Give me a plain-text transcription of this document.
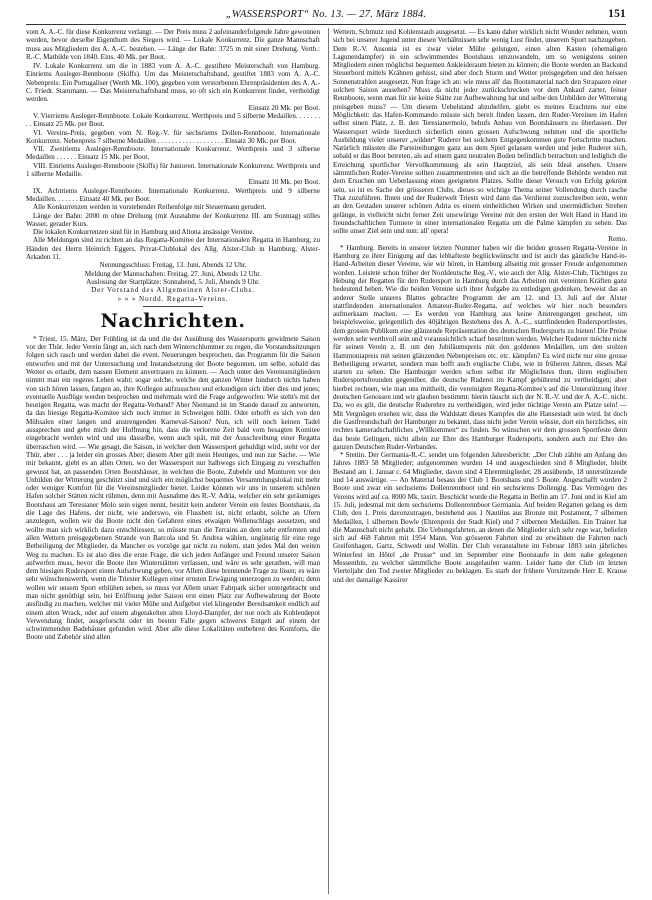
„WASSERSPORT“ No. 13. — 27. März 1884.	151

vom A. A.-C. für diese Konkurrenz verlangt. — Der Preis muss 2 aufeinanderfolgende Jahre gewonnen werden, bevor derselbe Eigenthum des Siegers wird. — Lokale Konkurrenz. Die ganze Mannschaft muss aus Mitgliedern des A. A.-C. bestehen. — Länge der Bahn: 3725 m mit einer Drehung. Verth.: R.-C. Mathilde von 1840. Eins. 40 Mk. per Boot.

IV. Lokale Konkurrenz um die in 1883 vom A. A.-C. gestiftete Meisterschaft von Hamburg. Einriems Ausleger-Rennboote (Skiffs). Um das Meisterschaftsband, gestiftet 1883 vom A. A.-C. Nebenpreis: Ein Portugaliser (Werth Mk. 100), gegeben vom verstorbenen Ehrenpräsidenten des A. A.-C. Friedr. Stammann. — Das Meisterschaftsband muss, so oft sich ein Konkurrent findet, vertheidigt werden.

Einsatz 20 Mk. per Boot.

V. Vierriems Ausleger-Rennboote. Lokale Konkurrenz. Werthpreis und 5 silberne Medaillen. . . . . . . . . Einsatz 25 Mk. per Boot.

VI. Vereins-Preis, gegeben vom N. Reg.-V. für sechsriems Dollen-Rennboote. Internationale Konkurrenz. Nebenpreis 7 silberne Medaillen . . . . . . . . . . . . . . . . . . . Einsatz 30 Mk. per Boot.

VII. Zweiriems Ausleger-Rennboote. Internationale Konkurrenz. Werthpreis und 3 silberne Medaillen . . . . . . Einsatz 15 Mk. per Boot.

VIII. Einriems Ausleger-Rennboote (Skiffs) für Junioren. Internationale Konkurrenz. Werthpreis und 1 silberne Medaille.

Einsatz 10 Mk. per Boot.

IX. Achtriems Ausleger-Rennboote. Internationale Konkurrenz. Werthpreis und 9 silberne Medaillen. . . . . . . Einsatz 40 Mk. per Boot.

Alle Konkurrenzen werden in vorstehender Reihenfolge mit Steuermann gerudert.

Länge der Bahn: 2000 m ohne Drehung (mit Ausnahme der Konkurrenz III. am Sonntag) stilles Wasser, gerader Kurs.

Die lokalen Konkurrenzen sind für in Hamburg und Altona ansässige Vereine.

Alle Meldungen sind zu richten an das Regatta-Komitee der Internationalen Regatta in Hamburg, zu Händen des Herrn Heinrich Eggers, Privat-Clublokal des Allg. Alster-Club in Hamburg, Alster-Arkaden 11.

Nennungsschluss: Freitag, 13. Juni, Abends 12 Uhr.

Meldung der Mannschaften: Freitag, 27. Juni, Abends 12 Uhr.

Auslosung der Startplätze: Sonnabend, 5. Juli, Abends 9 Uhr.

Der Vorstand des Allgemeinen Alster-Clubs.

» » » Nordd. Regatta-Vereins.

Nachrichten.

* Triest, 15. März. Der Frühling ist da und die der Ausübung des Wassersports gewidmete Saison vor der Thür. Jeder Verein fängt an, sich nach dem Winterschlummer zu regen, die Vorstandssitzungen folgen sich rasch und werden dabei die event. Neuerungen besprochen, das Programm für die Saison entworfen und mit der Untersuchung und Instandsetzung der Boote begonnen, um selbe, sobald das Wetter es erlaubt, dem nassen Element anvertrauen zu können. — Auch unter den Vereinsmitgliedern nimmt man ein regeres Leben wahr; sogar solche, welche den ganzen Winter hindurch nichts haben von sich hören lassen, fangen an, ihre Kollegen aufzusuchen und erkundigen sich über dies und jenes; eventuelle Ausflüge werden besprochen und mehrmals wird die Frage aufgeworfen: Wie steht's mit der heurigen Regatta, was macht der Regatta-Verband? Aber Niemand ist im Stande darauf zu antworten, da das hiesige Regatta-Komitee sich noch immer in Schweigen hüllt. Oder erhofft es sich von den Mühsalen einer langen und anstrengenden Karneval-Saison? Nun, ich will noch keinen Tadel aussprechen und gebe mich der Hoffnung hin, dass die verlorene Zeit bald vom besagten Komitee eingebracht werden wird und uns dasselbe, wenn auch spät, mit der Ausschreibung einer Regatta überraschen wird. — Wie gesagt, die Saison, in welcher dem Wassersport gehuldigt wird, steht vor der Thür, aber . . . ja leider ein grosses Aber; diesem Aber gilt mein Heutiges, und nun zur Sache. — Wie mir bekannt, giebt es an allen Orten, wo der Wassersport nur halbwegs sich Eingang zu verschaffen gewusst hat, an passenden Orten Bootshäuser, in welchen die Boote, Zubehör und Monturen vor den Unbilden der Witterung geschützt sind und sich ein möglichst bequemes Versammlungslokal mit mehr oder weniger Komfort für die Vereinsmitglieder bietet. Leider können wir uns in unserem schönen Hafen solcher Stätten nicht rühmen, denn mit Ausnahme des R.-V. Adria, welcher ein sehr geräumiges Bootshaus am Teresianer Molo sein eigen nennt, besitzt kein anderer Verein ein festes Bootshaus, da die Lage des Hafens, der nicht, wie anderswo, ein Flussbett ist, nicht erlaubt, solche an Ufern anzulegen, wollen wir die Boote nicht den Gefahren eines etwaigen Wellenschlags aussetzen, und wollte man sich wirklich dazu entschliessen, so müsste man die Terrains an dem sehr entfernten und allen Wettern preisgegebenen Strande von Barcola und St. Andrea wählen, ungünstig für eine rege Betheiligung der Mitglieder, da Mancher es vorzöge gar nicht zu rudern, statt jedes Mal den weiten Weg zu machen. Es ist also dies die erste Frage, die sich jeden Anfänger und Freund unserer Saison aufwerfen muss, bevor die Boote ihre Winterstätten verlassen, und wäre es sehr gerathen, will man dem hiesigen Rudersport einen Aufschwung geben, vor Allem diese brennende Frage zu lösen; es wäre sehr wünschenswerth, wenn die Triester Kollegen einer ernsten Erwägung unterzogen zu werden; denn wollen wir unsern Sport erblühen sehen, so muss vor Allem unser Fahrpark sicher untergebracht und man nicht genöthigt sein, bei Eröffnung jeder Saison erst einen Platz zur Aufbewahrung der Boote ausfindig zu machen, welcher mit vieler Mühe und Aufgebot viel klingender Beredsamkeit endlich auf einem alten Wrack, oder auf einem abgetakelten alten Lloyd-Dampfer, der nur noch als Kohlendepot Verwendung findet, ausgeforscht oder im besten Falle gegen schweres Entgelt auf einem der schwimmenden Badehäuser gefunden wird. Aber alle diese Lokalitäten entbehren des Komforts, die Boote und Zubehör sind allen

Wettern, Schmutz und Kohlenstaub ausgesetzt. — Es kann daher wirklich nicht Wunder nehmen, wenn sich bei unserer Jugend unter diesen Verhältnissen sehr wenig Lust findet, unserem Sport nachzugeben. Dem R.-V. Ausonia ist es zwar vieler Mühe gelungen, einen alten Kasten (ehemaligen Lagunendampfer) in ein schwimmendes Bootshaus umzuwandeln, um so wenigstens seinen Mitgliedern einen möglichst bequemen Ankleideraum bieten zu können; die Boote werden an Backund Steuerbord mittels Krähnen gehisst, sind aber doch Sturm und Wetter preisgegeben und den heissen Sonnenstrahlen ausgesetzt. Nun frage ich an: wie muss all' das Bootsmaterial nach den Strapazen einer solchen Saison aussehen? Muss da nicht jeder zurückschrecken vor dem Ankauf zarter, feiner Rennboote, wenn man für sie keine Stätte zur Aufbewahrung hat und selbe den Unbilden der Witterung preisgeben muss? — Um diesem Uebelstand abzuhelfen, giebt es meines Erachtens nur eine Möglichkeit: das Hafen-Kommando müsste sich bereit finden lassen, den Ruder-Vereinen im Hafen selbst einen Platz, z. B. den Teresianermolo, behufs Anbau von Bootshäusern zu überlassen. Der Wassersport würde hierdurch sicherlich einen grossen Aufschwung nehmen und die sportliche Ausbildung vieler unserer „wilden“ Ruderer bei solchem Entgegenkommen gute Fortschritte machen. Natürlich müssten die Parteireibungen ganz aus dem Spiel gelassen werden und jeder Ruderer sich, sobald er das Boot betreten, als auf einem ganz neutralen Boden befindlich betrachten und lediglich die Erreichung sportlicher Vervollkommnung als sein Hauptziel, als sein Ideal ansehen. Unsere sämmtlichen Ruder-Vereine sollten zusammentreten und sich an die betreffende Behörde wenden mit dem Ersuchen um Ueberlassung eines geeigneten Platzes. Sollte dieser Versuch von Erfolg gekrönt sein, so ist es Sache der grösseren Clubs, dieses so wichtige Thema seiner Vollendung durch rasche That zuzuführen. Ihnen und der Ruderwelt Triests wird dann das Verdienst zuzuschreiben sein, wenn an den Gestaden unserer schönen Adria es einem einheitlichen Wirken und unermüdlichen Streben gelänge, in vielleicht nicht ferner Zeit unsrwürige Vereine mit den ersten der Welt Hand in Hand im freundschaftlichen Turniere in einer internationalen Regatta um die Palme kämpfen zu sehen. Das sollte unser Ziel sein und nun: all' opera!

Remo.

* Hamburg. Bereits in unserer letzten Nummer haben wir die beiden grossen Regatta-Vereine in Hamburg zu ihrer Einigung auf das lebhafteste beglückwünscht und ist auch das gänzliche Hand-in-Hand-Arbeiten dieser Vereine, wie wir hören, in Hamburg allseitig mit grosser Freude aufgenommen worden. Leistete schon früher der Norddeutsche Reg.-V., wie auch der Allg. Alster-Club, Tüchtiges zu Hebung der Regatten für den Rudersport in Hamburg durch das Arbeiten mit vereinten Kräften ganz bedeutend heben. Wie die beiden Vereine sich ihrer Aufgabe zu entledigen gedenken, beweist das an anderer Stelle unseres Blattes gebrachte Programm der am 12. und 13. Juli auf der Alster stattfindenden internationalen Amateur-Ruder-Regatta, auf welches wir hier noch besonders aufmerksam machen. — Es werden von Hamburg aus keine Anstrengungen gescheut, um beispielsweise, gelegentlich des 40jährigen Bestehens des A. A.-C., stattfindenden Rudersportfestes, dem grossen Publikum eine glänzende Repräsentation des deutschen Rudersports zu bieten! Die Preise werden sehr werthvoll sein und voraussichtlich scharf bestritten werden. Welcher Ruderer möchte nicht für seinen Verein z. B. um den Jubiläumspreis mit den goldenen Medaillen, um den stolzen Hammoniapreis mit seinen glänzenden Nebenpreisen etc. etc. kämpfen? Es wird nicht nur eine grosse Betheiligung erwartet, sondern man hofft auch englische Clubs, wie in früheren Jahren, dieses Mal starten zu sehen. Die Hamburger werden schon selbst ihr Möglichstes thun, ihren englischen Rudersportsfreunden gegenüber, die deutsche Ruderei im Kampf gebührend zu vertheidigen; aber hierbei rechnen, wie man uns mittheilt, die vereinigten Regatta-Komitee's auf die Unterstützung ihrer deutschen Genossen und wir glauben bestimmt: hierin täuscht sich der N. R.-V. und der A. A.-C. nicht. Da, wo es gilt, die deutsche Ruderehre zu vertheidigen, wird jeder tüchtige Verein am Platze sein! — Mit Vergnügen ersehen wir, dass die Wahlstatt dieses Kampfes die alte Hansestadt sein wird. Ist doch die Gastfreundschaft der Hamburger zu bekannt, dass nicht jeder Verein wüsste, dort ein herzliches, ein rechtes kameradschaftliches „Willkommen“ zu finden. So wünschen wir dem grossen Sportfeste denn das beste Gelingen, nicht allein zur Ehre des Hamburger Rudersports, sondern auch zur Ehre des ganzen Deutschen Ruder-Verbandes.

* Stettin. Der Germania-R.-C. sendet uns folgenden Jahresbericht: „Der Club zählte am Anfang des Jahres 1883 58 Mitglieder; aufgenommen wurden 14 und ausgeschieden sind 8 Mitglieder, bleibt Bestand am 1. Januar c. 64 Mitglieder, davon sind 4 Ehrenmitglieder, 28 ausübende, 18 unterstützende und 14 auswärtige. — An Material besass der Club 1 Bootshaus und 5 Boote. Angeschafft wurden 2 Boote und zwar ein sechsriems Dollenrennboot und ein sechsriems Dollengig. Das Vermögen des Vereins wird auf ca. 8000 Mk. taxirt. Beschickt wurde die Regatta in Berlin am 17. Juni und in Kiel am 15. Juli, jedesmal mit dem sechsriems Dollenrennboot Germania. Auf beiden Regatten gelang es dem Club, den 1. Preis davonzutragen, bestehend aus 1 Nautilus aus Bronze mit Postament, 7 silbernen Medaillen, 1 silbernen Bowle (Ehrenpreis der Stadt Kiel) und 7 silbernen Medaillen. Ein Trainer hat die Mannschaft nicht gehabt. Die Uebungsfahrten, an denen die Mitglieder sich sehr rege war, beliefen sich auf 468 Fahrten mit 1954 Mann. Von grösseren Fahrten sind zu erwähnen die Fahrten nach Greifenhagen, Gartz, Schwedt und Wollin. Der Club veranstaltete im Februar 1883 sein jährliches Winterfest im Hôtel „de Prusse“ und im September eine Bootstaufe in dem nahe gelegenen Messenthin, zu welcher sämmtliche Boote ausgelaufen waren. Leider hatte der Club im letzten Vierteljahr den Tod zweier Mitglieder zu beklagen. Es starb der frühere Vorsitzende Herr E. Krause und der damalige Kassirer
